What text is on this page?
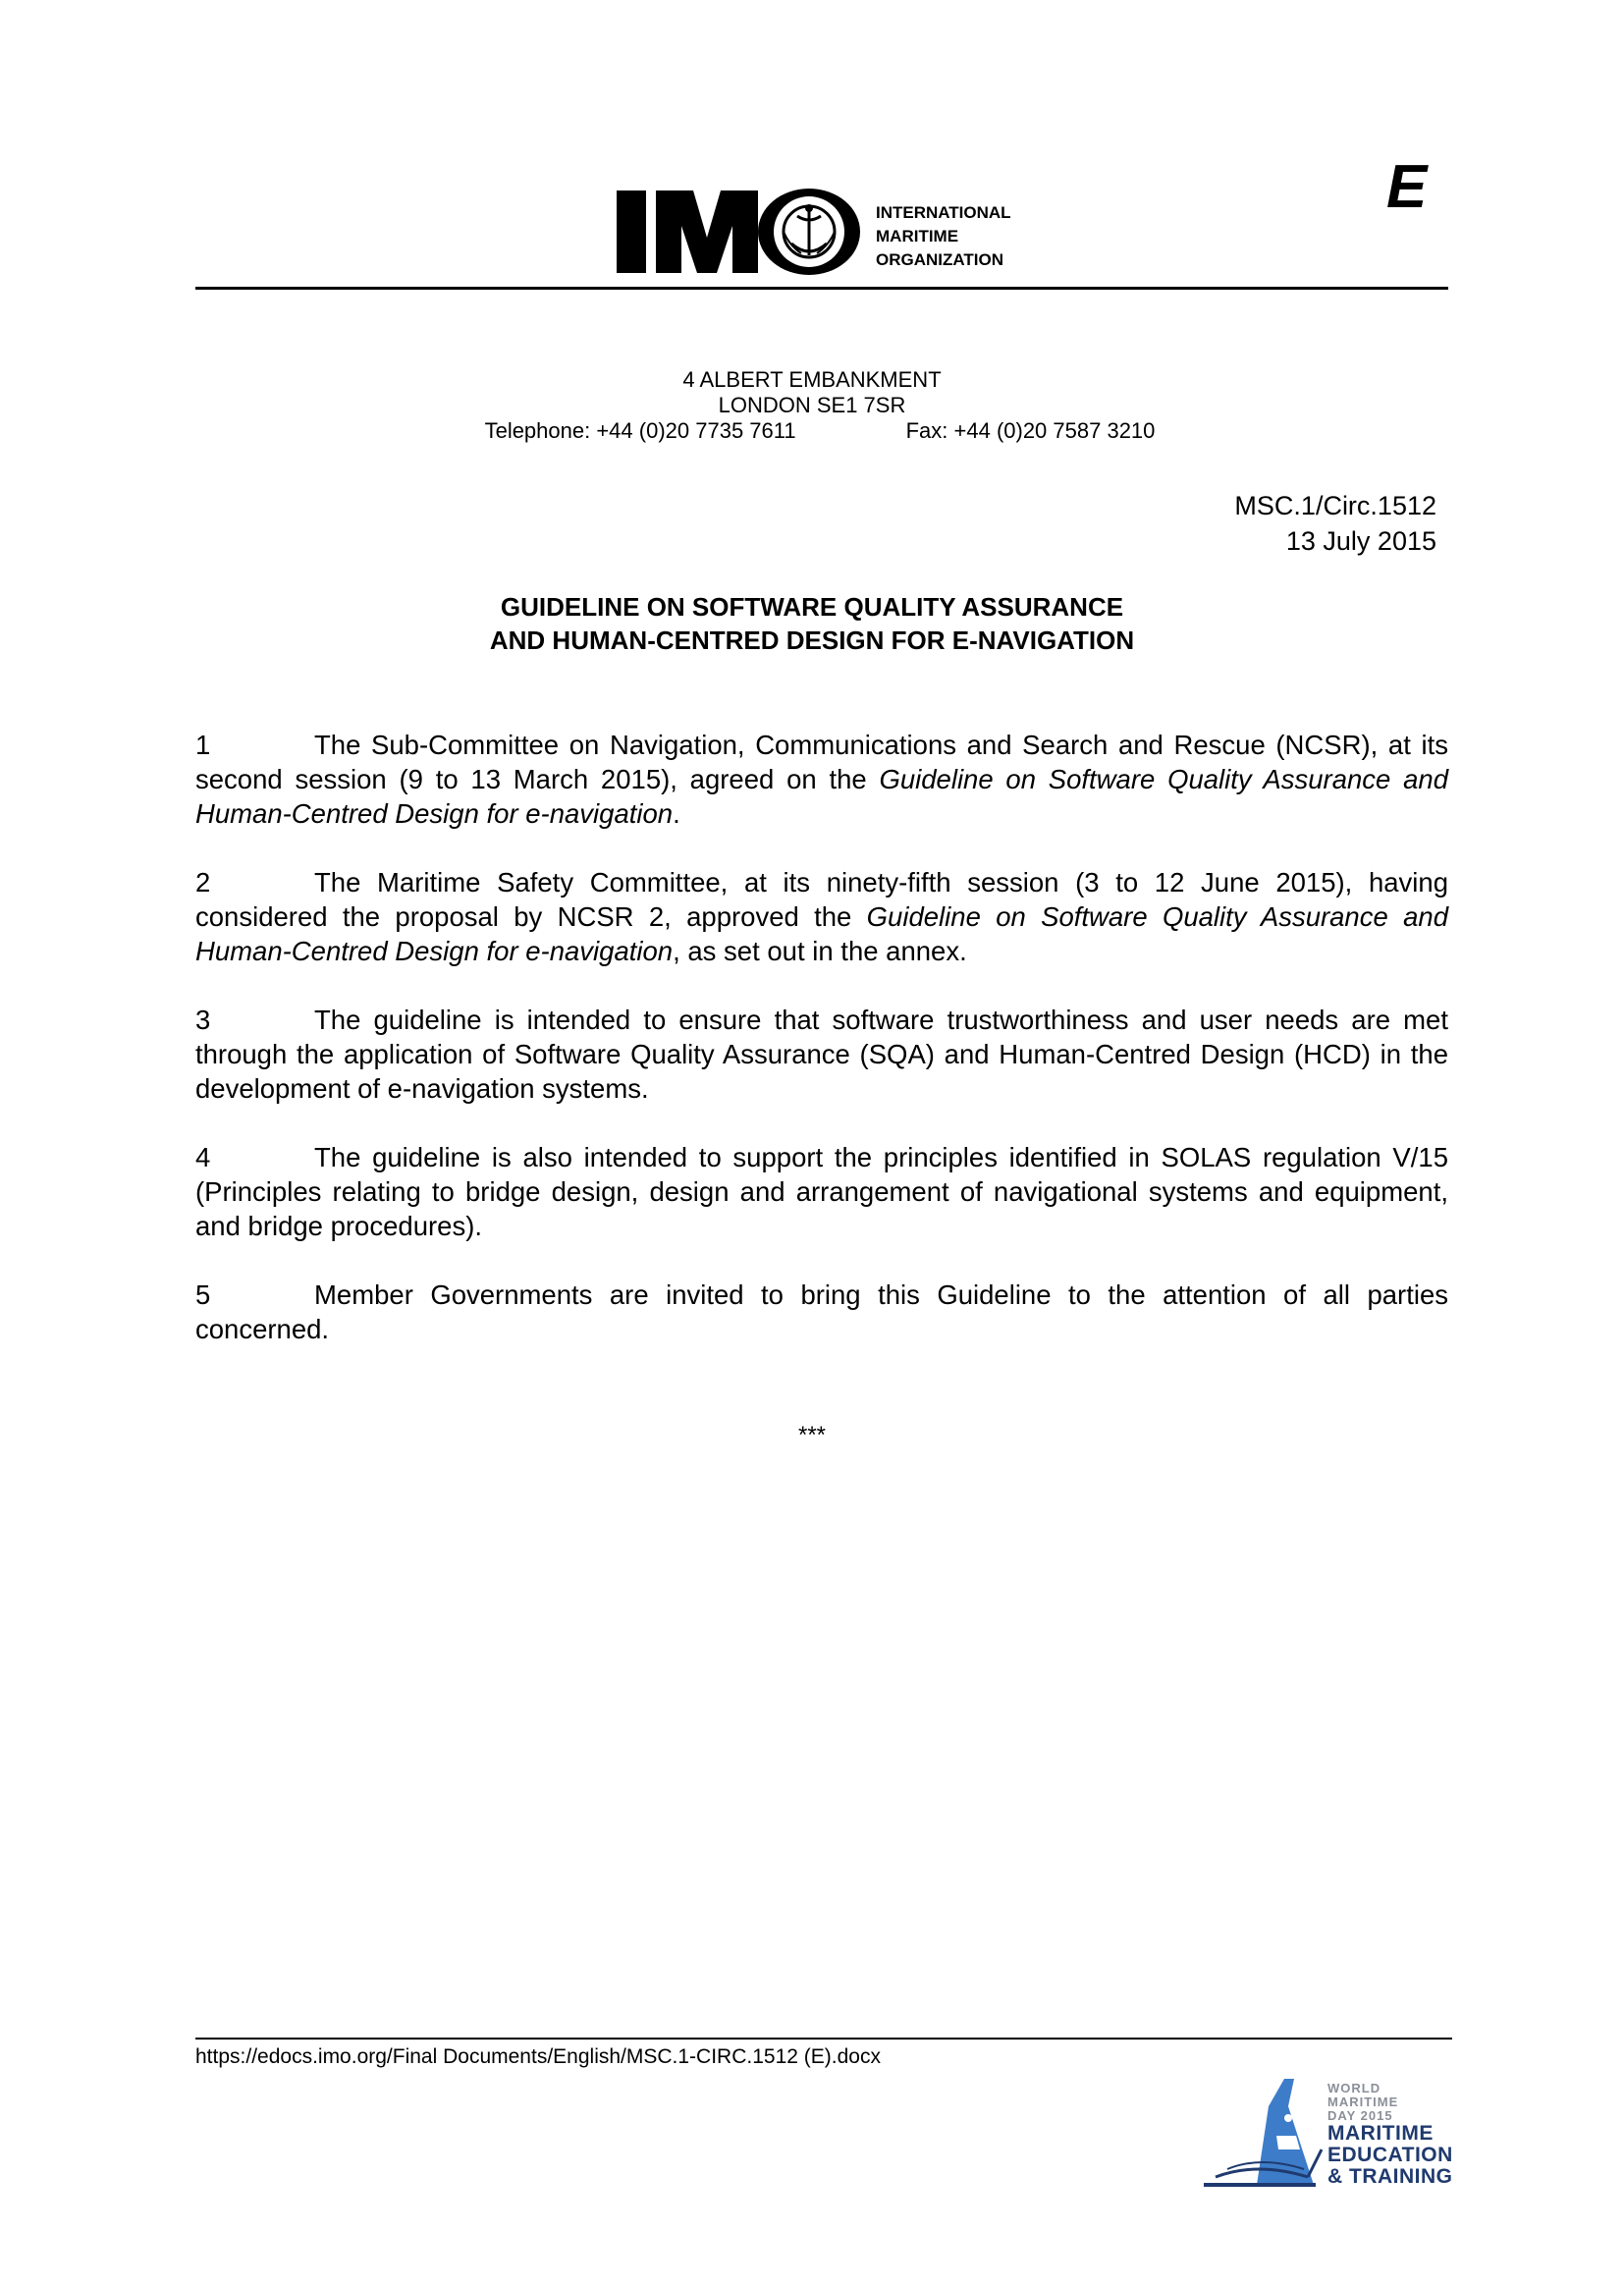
INTERNATIONAL
MARITIME
ORGANIZATION
E
4 ALBERT EMBANKMENT
LONDON SE1 7SR
Telephone: +44 (0)20 7735 7611	Fax: +44 (0)20 7587 3210
MSC.1/Circ.1512
13 July 2015
GUIDELINE ON SOFTWARE QUALITY ASSURANCE
AND HUMAN-CENTRED DESIGN FOR E-NAVIGATION

1	The Sub-Committee on Navigation, Communications and Search and Rescue (NCSR), at its second session (9 to 13 March 2015), agreed on the Guideline on Software Quality Assurance and Human-Centred Design for e-navigation.

2	The Maritime Safety Committee, at its ninety-fifth session (3 to 12 June 2015), having considered the proposal by NCSR 2, approved the Guideline on Software Quality Assurance and Human-Centred Design for e-navigation, as set out in the annex.

3	The guideline is intended to ensure that software trustworthiness and user needs are met through the application of Software Quality Assurance (SQA) and Human-Centred Design (HCD) in the development of e-navigation systems.

4	The guideline is also intended to support the principles identified in SOLAS regulation V/15 (Principles relating to bridge design, design and arrangement of navigational systems and equipment, and bridge procedures).

5	Member Governments are invited to bring this Guideline to the attention of all parties concerned.

***
https://edocs.imo.org/Final Documents/English/MSC.1-CIRC.1512 (E).docx
WORLD
MARITIME
DAY 2015
MARITIME
EDUCATION
& TRAINING
